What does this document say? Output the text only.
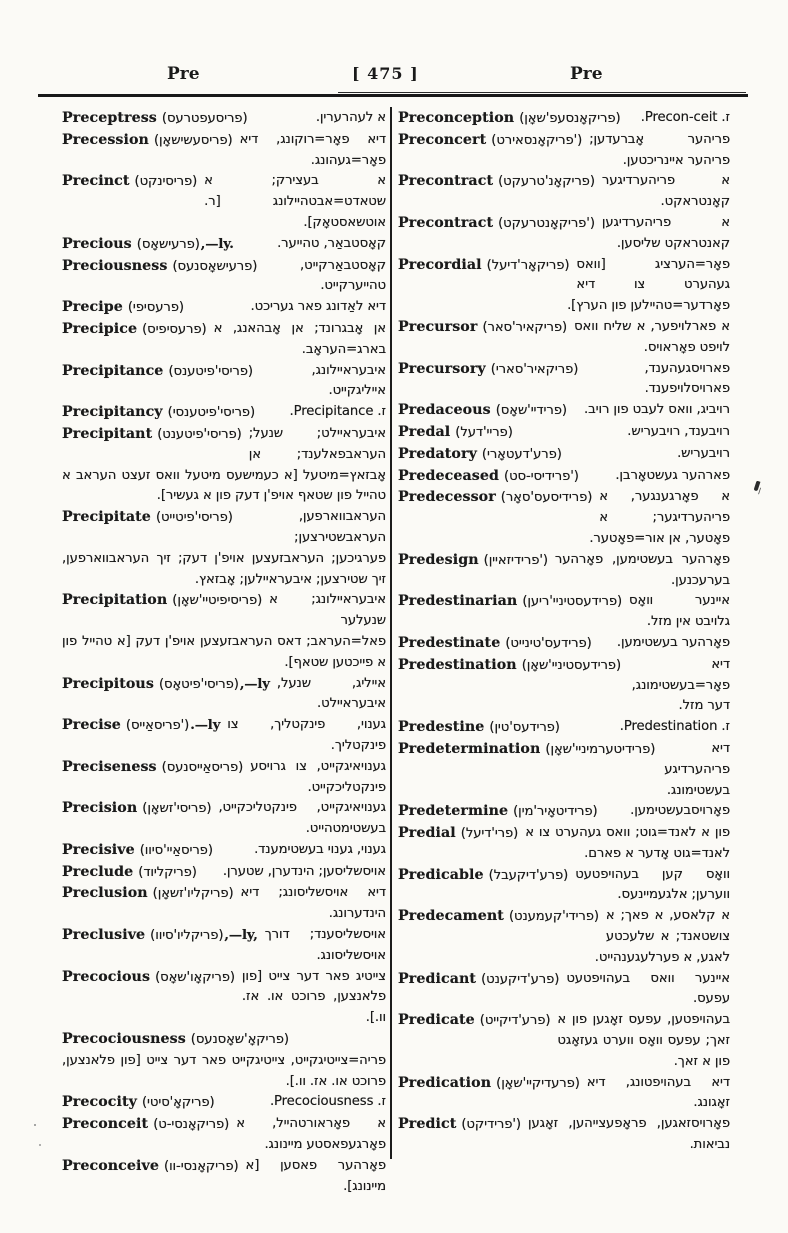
Pre	[ 475 ]	Pre
Preceptress (פריסעפטרעס)	א לעהרערין.
Precession (פריסעשישאָן) דיא פאָר=רוקונג, דיא פאָר=געהונג.
Precinct (פריסינקט) א בעצירק; א שטאדט=אבטהיילונג [ר. אוטשאסטאָק].
Precious (פרעישאָס),—ly.	קאָסטבאַר, טהייער.
Preciousness (פרעישאָסנעס)	קאָסטבאַרקייט, טהייערקייט.
Precipe (פרעסיפי)	דיא לאַדונג פאר געריכט.
Precipice (פרעסיפיס) אן אָבגרונד; אן אָבהאנג, א בארג=העראָב.
Precipitance (פריסי'פיטענס)	איבעראיילונג, אייליגקייט.
Precipitancy (פריסי'פיטענסי)	ז. Precipitance.
Precipitant (פריסי'פיטענט) איבעראיילט; שנעל; העראבפאלענד; אן אָבזאץ=מיטעל [א כעמישעס מיטעל וואס זעצט העראב א טהייל פון שטאף אויפ'ן דעק פון א געשיר].
Precipitate (פריסי'פיטייט)	העראבווארפען, העראבשטירצען; פערגיכען; העראבזעצען אויפ'ן דעק; זיך העראבווארפען, זיך שטירצען; איבעראיילען; אָבזאץ.
Precipitation (פריסיפיטיי'שאָן) איבעראיילונג; א שנעלער פאל=העראב; דאס העראבזעצען אויפ'ן דעק [א טהייל פון א פייכטען שטאף].
Precipitous (פריסי'פיטאָס),—ly אייליג, שנעל, איבעראיילט.
Precise (פריסאַייס').—ly גענוי, פינקטליך, צו פינקטליך.
Preciseness (פריסאַייסנעס) גענויאיגקייט, צו גרויסע פינקטליכקייט.
Precision (פריסי'זשאָן) גענויאיגקייט, פינקטליכקייט, בעשטימטהייט.
Precisive (פריסאַיי'סיוו)	גענוי, גענוי בעשטימענד.
Preclude (פריקליוד) אויסשליסען; הינדערן, שטערן.
Preclusion (פריקליו'זשאָן) דיא אויסשליסונג; דיא הינדערונג.
Preclusive (פריקליו'סיוו),—ly, אויסשליסענד; דורך אויסשליסונג.
Precocious (פריקאָו'שאָס) צייטיג פאר דער צייט [פון פלאנצען, פרוכט או. אז. וו.].
Precociousness (פריקאָ'שאָסנעס)
פריה=צייטיגקייט, צייטיגקייט פאר דער צייט [פון פלאנצען, פרוכט או. אז. וו.].
Precocity (פריקאָ'סיטי)	ז. Precociousness.
Preconceit (פריקאָנסי-ט) א פאָראורטהייל, א פאָרגעפאסטע מיינונג.
Preconceive (פריקאָנסי-וו) פאָרהער פאסען [א מיינונג].
Preconception (פריקאָנסעפ'שאָן) ז. Precon-ceit.
Preconcert (פריקאָנסאירט') פריהער אָברעדען; פריהער איינריכטען.
Precontract (פריקאָנ'טרעקט) א פריהערדיגער קאָנטראקט.
Precontract (פריקאָנטרעקט') א פריהערדיגען קאנטראקט שליסען.
Precordial (פריקאָר'דיעל) פאָר=הערציג [וואס געהערט צו דיא פאָרדער=טהיילען פון הערץ].
Precursor (פריקאיר'סאר) א פארלויפער, א שליח וואס לויפט פאָראויס.
Precursory (פריקאיר'סארי)	פארויסגעהענד, פארויסלויפענד.
Predaceous (פרידיי'שאָס) רויביג, וואס לעבט פון רויב.
Predal (פריי'דעל)	רויבענד, רויבעריש.
Predatory (פרע'דעטאָרי)	רויבעריש.
Predeceased (פרידיסי-סט')	פארהער געשטאָרבן.
Predecessor (פרידיסעס'סאָר) א פאָרגענגער, א פריהערדיגער; א פאָטער, אן אור=פאָטער.
Predesign (פרידיזאיין') פאָרהער בעשטימען, פאָרהער בערעכנען.
Predestinarian (פרידעסטיניי'ריען) איינער וואָס גלויבט אין מזל.
Predestinate (פרידעס'טינייט) פאָרהער בעשטימען.
Predestination (פרידעסטיניי'שאָן)	דיא פאָר=בעשטימונג, דער מזל.
Predestine (פרידעס'טין)	ז. Predestination.
Predetermination (פרידיטערמיניי'שאָן)	דיא פריהערדיגע בעשטימונג.
Predetermine (פרידיטאָיר'מין) פאָרויסבעשטימען.
Predial (פרי'דיעל) פון א לאנד=גוט; וואס געהערט צו א לאנד=גוט אָדער א פארם.
Predicable (פרע'דיקעבל) וואָס קען בעהויפטעט ווערען; אלגעמיינעס.
Predecament (פרידי'קעמענט) א קלאסע, א פאך; א צושטאנד; א שלעכטע לאגע, א פערלעגענהייט.
Predicant (פרע'דיקענט) איינער וואס בעהויפטעט עפעס.
Predicate (פרע'דיקייט) בעהויפטען, עפעס זאָגען פון א זאך; עפעס וואָס ווערט געזאָגט פון א זאך.
Predication (פרעדיקיי'שאָן) דיא בעהויפטונג, דיא זאָגונג.
Predict (פרידיקט') פאָרויסזאגען, פראָפעצייהען, זאָגען נביאות.
